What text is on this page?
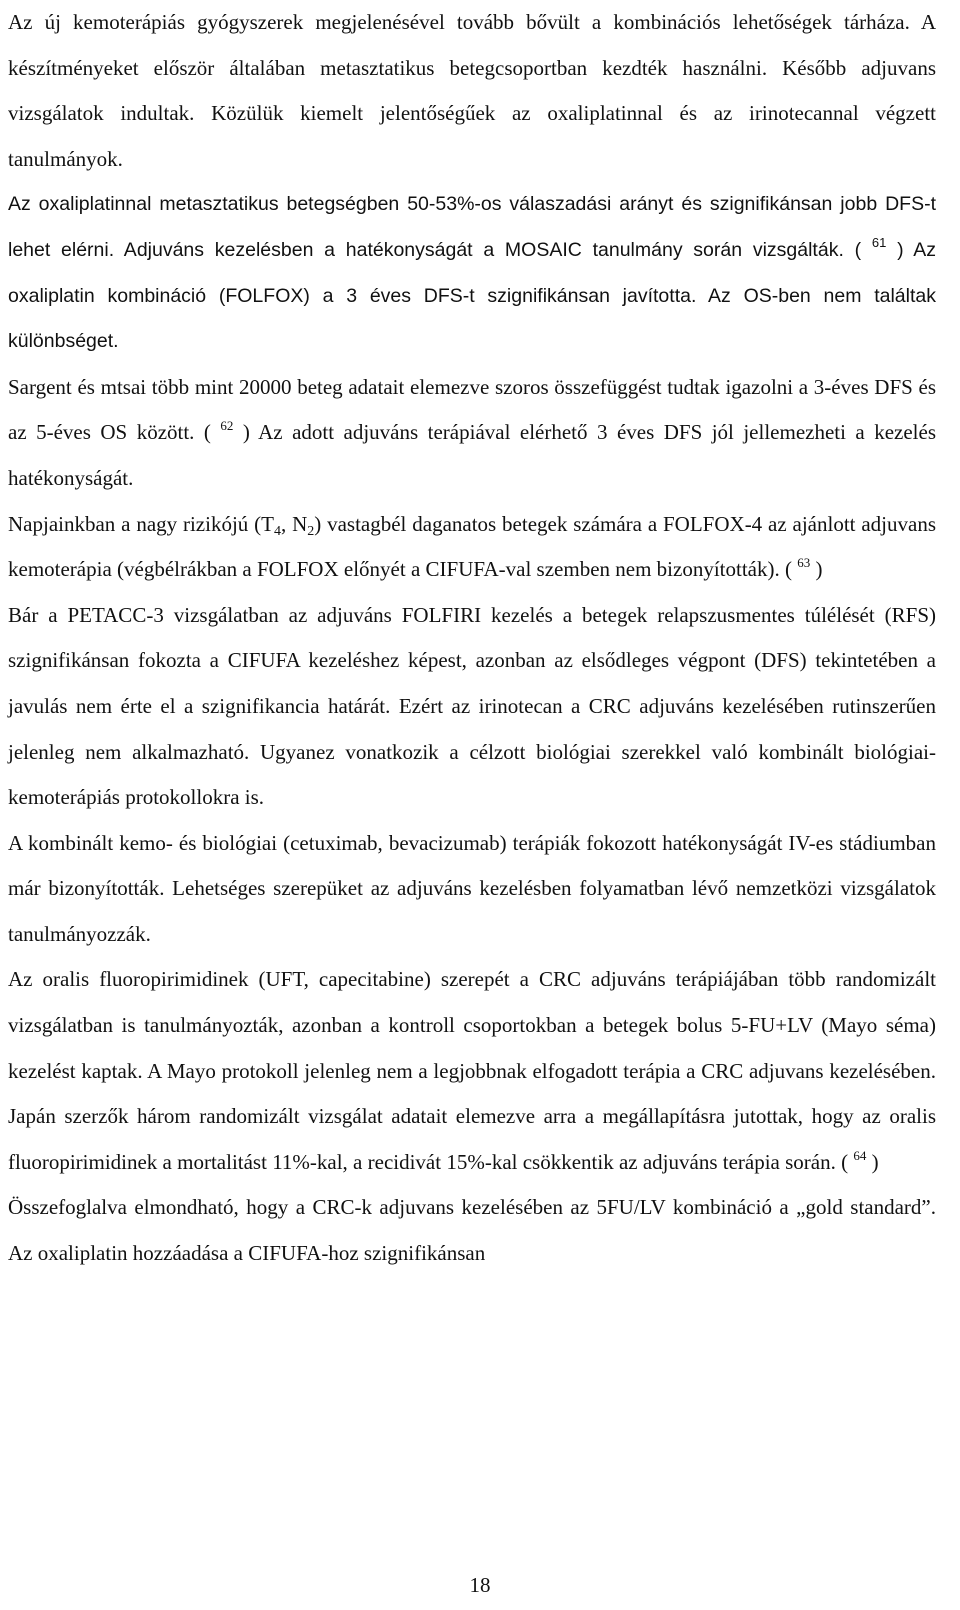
Az új kemoterápiás gyógyszerek megjelenésével tovább bővült a kombinációs lehetőségek tárháza. A készítményeket először általában metasztatikus betegcsoportban kezdték használni. Később adjuvans vizsgálatok indultak. Közülük kiemelt jelentőségűek az oxaliplatinnal és az irinotecannal végzett tanulmányok.

Az oxaliplatinnal metasztatikus betegségben 50-53%-os válaszadási arányt és szignifikánsan jobb DFS-t lehet elérni. Adjuváns kezelésben a hatékonyságát a MOSAIC tanulmány során vizsgálták. ( $^{61}$ ) Az oxaliplatin kombináció (FOLFOX) a 3 éves DFS-t szignifikánsan javította. Az OS-ben nem találtak különbséget.

Sargent és mtsai több mint 20000 beteg adatait elemezve szoros összefüggést tudtak igazolni a 3-éves DFS és az 5-éves OS között. ( $^{62}$ ) Az adott adjuváns terápiával elérhető 3 éves DFS jól jellemezheti a kezelés hatékonyságát.

Napjainkban a nagy rizikójú ($T_4$, $N_2$) vastagbél daganatos betegek számára a FOLFOX-4 az ajánlott adjuvans kemoterápia (végbélrákban a FOLFOX előnyét a CIFUFA-val szemben nem bizonyították). ( $^{63}$ )

Bár a PETACC-3 vizsgálatban az adjuváns FOLFIRI kezelés a betegek relapszusmentes túlélését (RFS) szignifikánsan fokozta a CIFUFA kezeléshez képest, azonban az elsődleges végpont (DFS) tekintetében a javulás nem érte el a szignifikancia határát. Ezért az irinotecan a CRC adjuváns kezelésében rutinszerűen jelenleg nem alkalmazható. Ugyanez vonatkozik a célzott biológiai szerekkel való kombinált biológiai-kemoterápiás protokollokra is.

A kombinált kemo- és biológiai (cetuximab, bevacizumab) terápiák fokozott hatékonyságát IV-es stádiumban már bizonyították. Lehetséges szerepüket az adjuváns kezelésben folyamatban lévő nemzetközi vizsgálatok tanulmányozzák.

Az oralis fluoropirimidinek (UFT, capecitabine) szerepét a CRC adjuváns terápiájában több randomizált vizsgálatban is tanulmányozták, azonban a kontroll csoportokban a betegek bolus 5-FU+LV (Mayo séma) kezelést kaptak. A Mayo protokoll jelenleg nem a legjobbnak elfogadott terápia a CRC adjuvans kezelésében. Japán szerzők három randomizált vizsgálat adatait elemezve arra a megállapításra jutottak, hogy az oralis fluoropirimidinek a mortalitást 11%-kal, a recidivát 15%-kal csökkentik az adjuváns terápia során. ( $^{64}$ )

Összefoglalva elmondható, hogy a CRC-k adjuvans kezelésében az 5FU/LV kombináció a „gold standard”. Az oxaliplatin hozzáadása a CIFUFA-hoz szignifikánsan

18
